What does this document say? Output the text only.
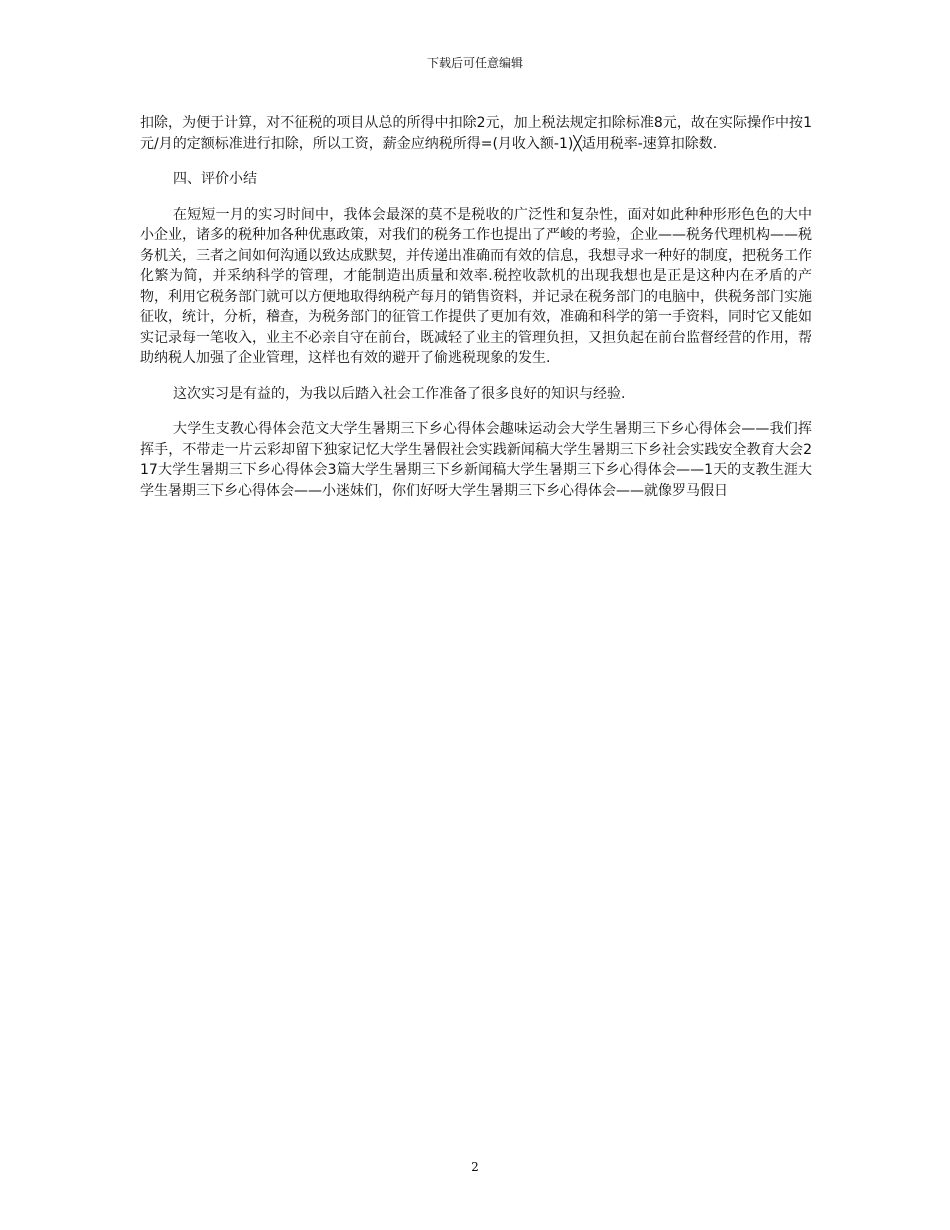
下载后可任意编辑

扣除，为便于计算，对不征税的项目从总的所得中扣除2元，加上税法规定扣除标准8元，故在实际操作中按1元/月的定额标准进行扣除，所以工资，薪金应纳税所得=(月收入额-1)╳适用税率-速算扣除数.

四、评价小结

在短短一月的实习时间中，我体会最深的莫不是税收的广泛性和复杂性，面对如此种种形形色色的大中小企业，诸多的税种加各种优惠政策，对我们的税务工作也提出了严峻的考验，企业——税务代理机构——税务机关，三者之间如何沟通以致达成默契，并传递出准确而有效的信息，我想寻求一种好的制度，把税务工作化繁为简，并采纳科学的管理，才能制造出质量和效率.税控收款机的出现我想也是正是这种内在矛盾的产物，利用它税务部门就可以方便地取得纳税产每月的销售资料，并记录在税务部门的电脑中，供税务部门实施征收，统计，分析，稽查，为税务部门的征管工作提供了更加有效，准确和科学的第一手资料，同时它又能如实记录每一笔收入，业主不必亲自守在前台，既减轻了业主的管理负担，又担负起在前台监督经营的作用，帮助纳税人加强了企业管理，这样也有效的避开了偷逃税现象的发生.

这次实习是有益的，为我以后踏入社会工作准备了很多良好的知识与经验.

大学生支教心得体会范文大学生暑期三下乡心得体会趣味运动会大学生暑期三下乡心得体会——我们挥挥手，不带走一片云彩却留下独家记忆大学生暑假社会实践新闻稿大学生暑期三下乡社会实践安全教育大会217大学生暑期三下乡心得体会3篇大学生暑期三下乡新闻稿大学生暑期三下乡心得体会——1天的支教生涯大学生暑期三下乡心得体会——小迷妹们，你们好呀大学生暑期三下乡心得体会——就像罗马假日

2
